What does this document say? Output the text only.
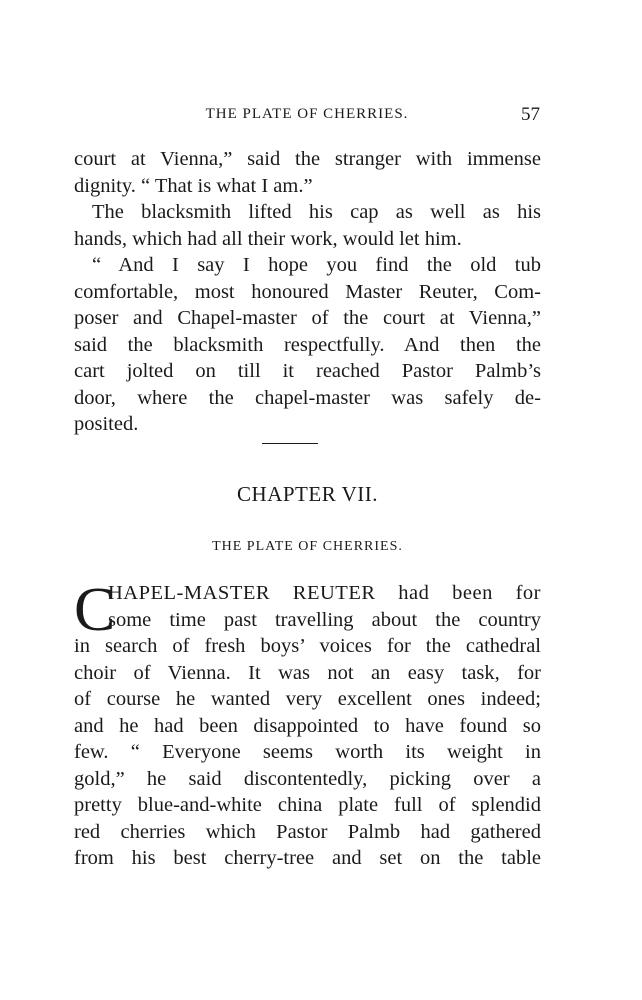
THE PLATE OF CHERRIES.	57
court at Vienna,” said the stranger with immense
dignity. “ That is what I am.”
The blacksmith lifted his cap as well as his
hands, which had all their work, would let him.
“ And I say I hope you find the old tub
comfortable, most honoured Master Reuter, Com-
poser and Chapel-master of the court at Vienna,”
said the blacksmith respectfully. And then the
cart jolted on till it reached Pastor Palmb’s
door, where the chapel-master was safely de-
posited.
CHAPTER VII.
THE PLATE OF CHERRIES.
C
HAPEL-MASTER REUTER had been for
some time past travelling about the country
in search of fresh boys’ voices for the cathedral
choir of Vienna. It was not an easy task, for
of course he wanted very excellent ones indeed;
and he had been disappointed to have found so
few. “ Everyone seems worth its weight in
gold,” he said discontentedly, picking over a
pretty blue-and-white china plate full of splendid
red cherries which Pastor Palmb had gathered
from his best cherry-tree and set on the table
